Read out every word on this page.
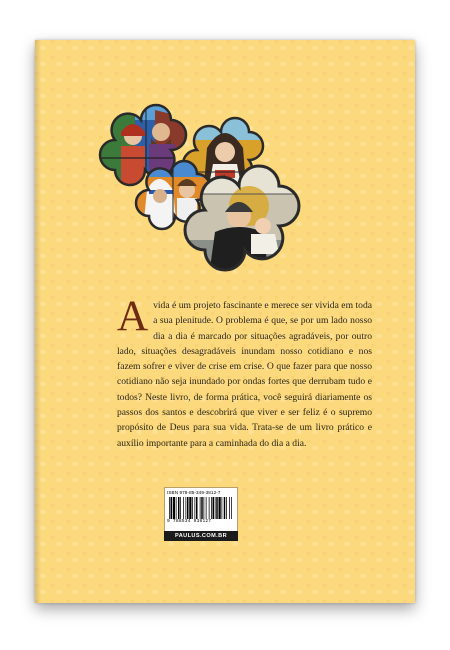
A vida é um projeto fascinante e merece ser vivida em toda a sua plenitude. O problema é que, se por um lado nosso dia a dia é marcado por situações agradáveis, por outro lado, situações desagradáveis inundam nosso cotidiano e nos fazem sofrer e viver de crise em crise. O que fazer para que nosso cotidiano não seja inundado por ondas fortes que derrubam tudo e todos? Neste livro, de forma prática, você seguirá diariamente os passos dos santos e descobrirá que viver e ser feliz é o supremo propósito de Deus para sua vida. Trata-se de um livro prático e auxílio importante para a caminhada do dia a dia.
ISBN 978-85-349-3812-7
9 788534 938127
PAULUS.COM.BR
